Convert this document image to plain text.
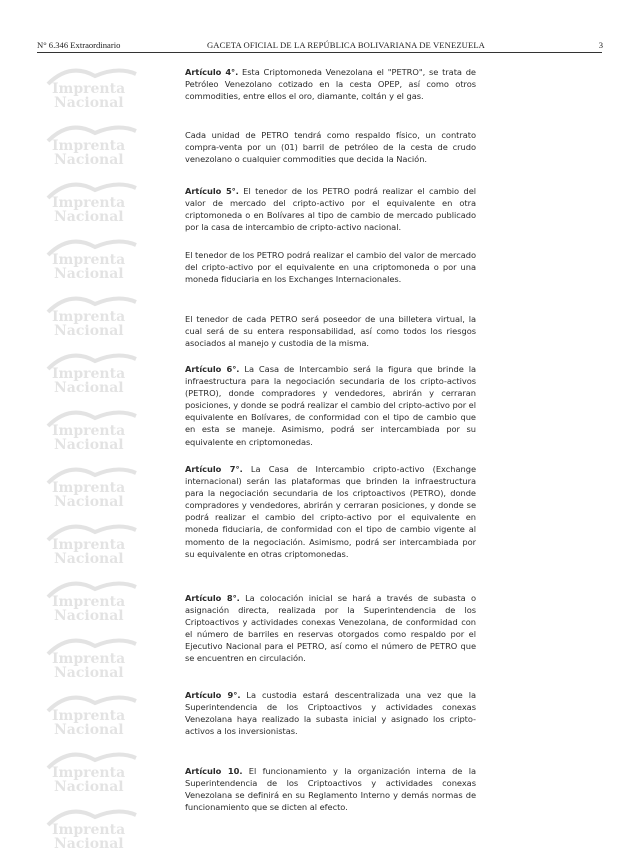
N° 6.346 Extraordinario	GACETA OFICIAL DE LA REPÚBLICA BOLIVARIANA DE VENEZUELA	3
Imprenta
Nacional
Imprenta
Nacional
Imprenta
Nacional
Imprenta
Nacional
Imprenta
Nacional
Imprenta
Nacional
Imprenta
Nacional
Imprenta
Nacional
Imprenta
Nacional
Imprenta
Nacional
Imprenta
Nacional
Imprenta
Nacional
Imprenta
Nacional
Imprenta
Nacional

Artículo 4°. Esta Criptomoneda Venezolana el "PETRO", se trata de Petróleo Venezolano cotizado en la cesta OPEP, así como otros commodities, entre ellos el oro, diamante, coltán y el gas.

Cada unidad de PETRO tendrá como respaldo físico, un contrato compra-venta por un (01) barril de petróleo de la cesta de crudo venezolano o cualquier commodities que decida la Nación.

Artículo 5°. El tenedor de los PETRO podrá realizar el cambio del valor de mercado del cripto-activo por el equivalente en otra criptomoneda o en Bolívares al tipo de cambio de mercado publicado por la casa de intercambio de cripto-activo nacional.

El tenedor de los PETRO podrá realizar el cambio del valor de mercado del cripto-activo por el equivalente en una criptomoneda o por una moneda fiduciaria en los Exchanges Internacionales.

El tenedor de cada PETRO será poseedor de una billetera virtual, la cual será de su entera responsabilidad, así como todos los riesgos asociados al manejo y custodia de la misma.

Artículo 6°. La Casa de Intercambio será la figura que brinde la infraestructura para la negociación secundaria de los cripto-activos (PETRO), donde compradores y vendedores, abrirán y cerraran posiciones, y donde se podrá realizar el cambio del cripto-activo por el equivalente en Bolívares, de conformidad con el tipo de cambio que en esta se maneje. Asimismo, podrá ser intercambiada por su equivalente en criptomonedas.

Artículo 7°. La Casa de Intercambio cripto-activo (Exchange internacional) serán las plataformas que brinden la infraestructura para la negociación secundaria de los criptoactivos (PETRO), donde compradores y vendedores, abrirán y cerraran posiciones, y donde se podrá realizar el cambio del cripto-activo por el equivalente en moneda fiduciaria, de conformidad con el tipo de cambio vigente al momento de la negociación. Asimismo, podrá ser intercambiada por su equivalente en otras criptomonedas.

Artículo 8°. La colocación inicial se hará a través de subasta o asignación directa, realizada por la Superintendencia de los Criptoactivos y actividades conexas Venezolana, de conformidad con el número de barriles en reservas otorgados como respaldo por el Ejecutivo Nacional para el PETRO, así como el número de PETRO que se encuentren en circulación.

Artículo 9°. La custodia estará descentralizada una vez que la Superintendencia de los Criptoactivos y actividades conexas Venezolana haya realizado la subasta inicial y asignado los cripto-activos a los inversionistas.

Artículo 10. El funcionamiento y la organización interna de la Superintendencia de los Criptoactivos y actividades conexas Venezolana se definirá en su Reglamento Interno y demás normas de funcionamiento que se dicten al efecto.
